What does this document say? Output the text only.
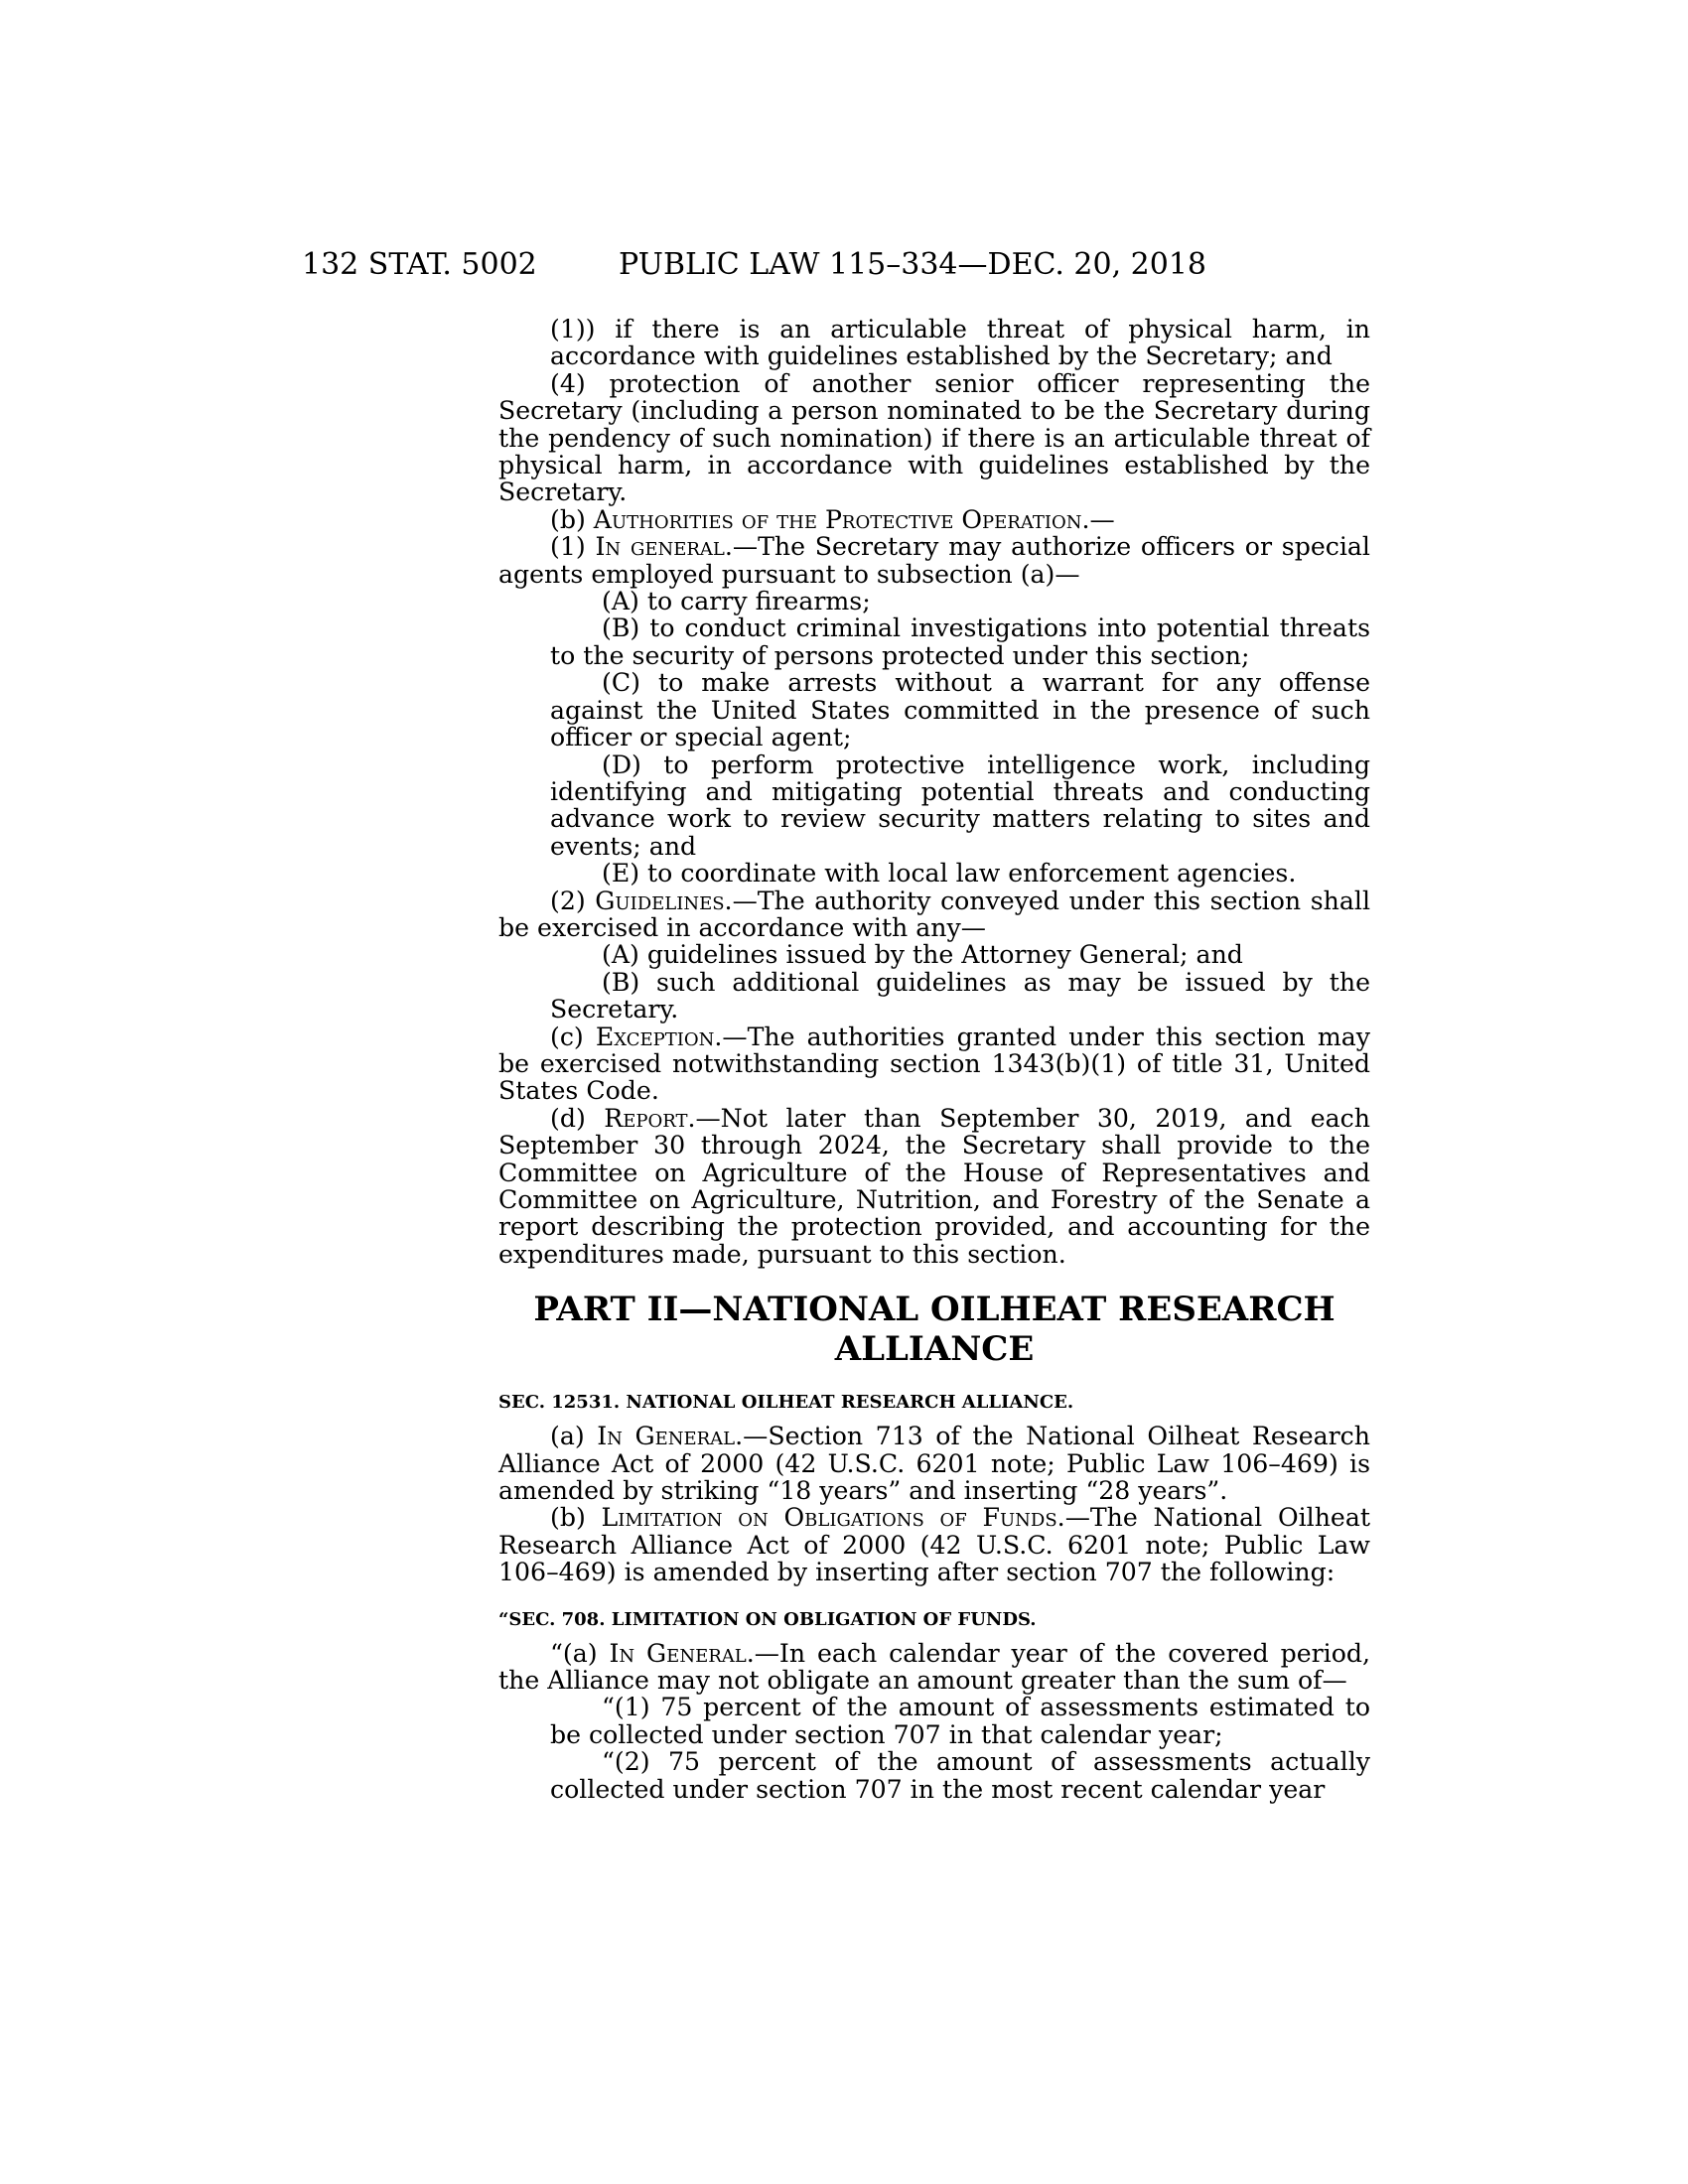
132 STAT. 5002	PUBLIC LAW 115–334—DEC. 20, 2018

(1)) if there is an articulable threat of physical harm, in accordance with guidelines established by the Secretary; and

(4) protection of another senior officer representing the Secretary (including a person nominated to be the Secretary during the pendency of such nomination) if there is an articulable threat of physical harm, in accordance with guidelines established by the Secretary.

(b) Authorities of the Protective Operation.—

(1) In general.—The Secretary may authorize officers or special agents employed pursuant to subsection (a)—

(A) to carry firearms;

(B) to conduct criminal investigations into potential threats to the security of persons protected under this section;

(C) to make arrests without a warrant for any offense against the United States committed in the presence of such officer or special agent;

(D) to perform protective intelligence work, including identifying and mitigating potential threats and conducting advance work to review security matters relating to sites and events; and

(E) to coordinate with local law enforcement agencies.

(2) Guidelines.—The authority conveyed under this section shall be exercised in accordance with any—

(A) guidelines issued by the Attorney General; and

(B) such additional guidelines as may be issued by the Secretary.

(c) Exception.—The authorities granted under this section may be exercised notwithstanding section 1343(b)(1) of title 31, United States Code.

(d) Report.—Not later than September 30, 2019, and each September 30 through 2024, the Secretary shall provide to the Committee on Agriculture of the House of Representatives and Committee on Agriculture, Nutrition, and Forestry of the Senate a report describing the protection provided, and accounting for the expenditures made, pursuant to this section.

PART II—NATIONAL OILHEAT RESEARCH ALLIANCE

SEC. 12531. NATIONAL OILHEAT RESEARCH ALLIANCE.

(a) In General.—Section 713 of the National Oilheat Research Alliance Act of 2000 (42 U.S.C. 6201 note; Public Law 106–469) is amended by striking “18 years” and inserting “28 years”.

(b) Limitation on Obligations of Funds.—The National Oilheat Research Alliance Act of 2000 (42 U.S.C. 6201 note; Public Law 106–469) is amended by inserting after section 707 the following:

“SEC. 708. LIMITATION ON OBLIGATION OF FUNDS.

“(a) In General.—In each calendar year of the covered period, the Alliance may not obligate an amount greater than the sum of—

“(1) 75 percent of the amount of assessments estimated to be collected under section 707 in that calendar year;

“(2) 75 percent of the amount of assessments actually collected under section 707 in the most recent calendar year
